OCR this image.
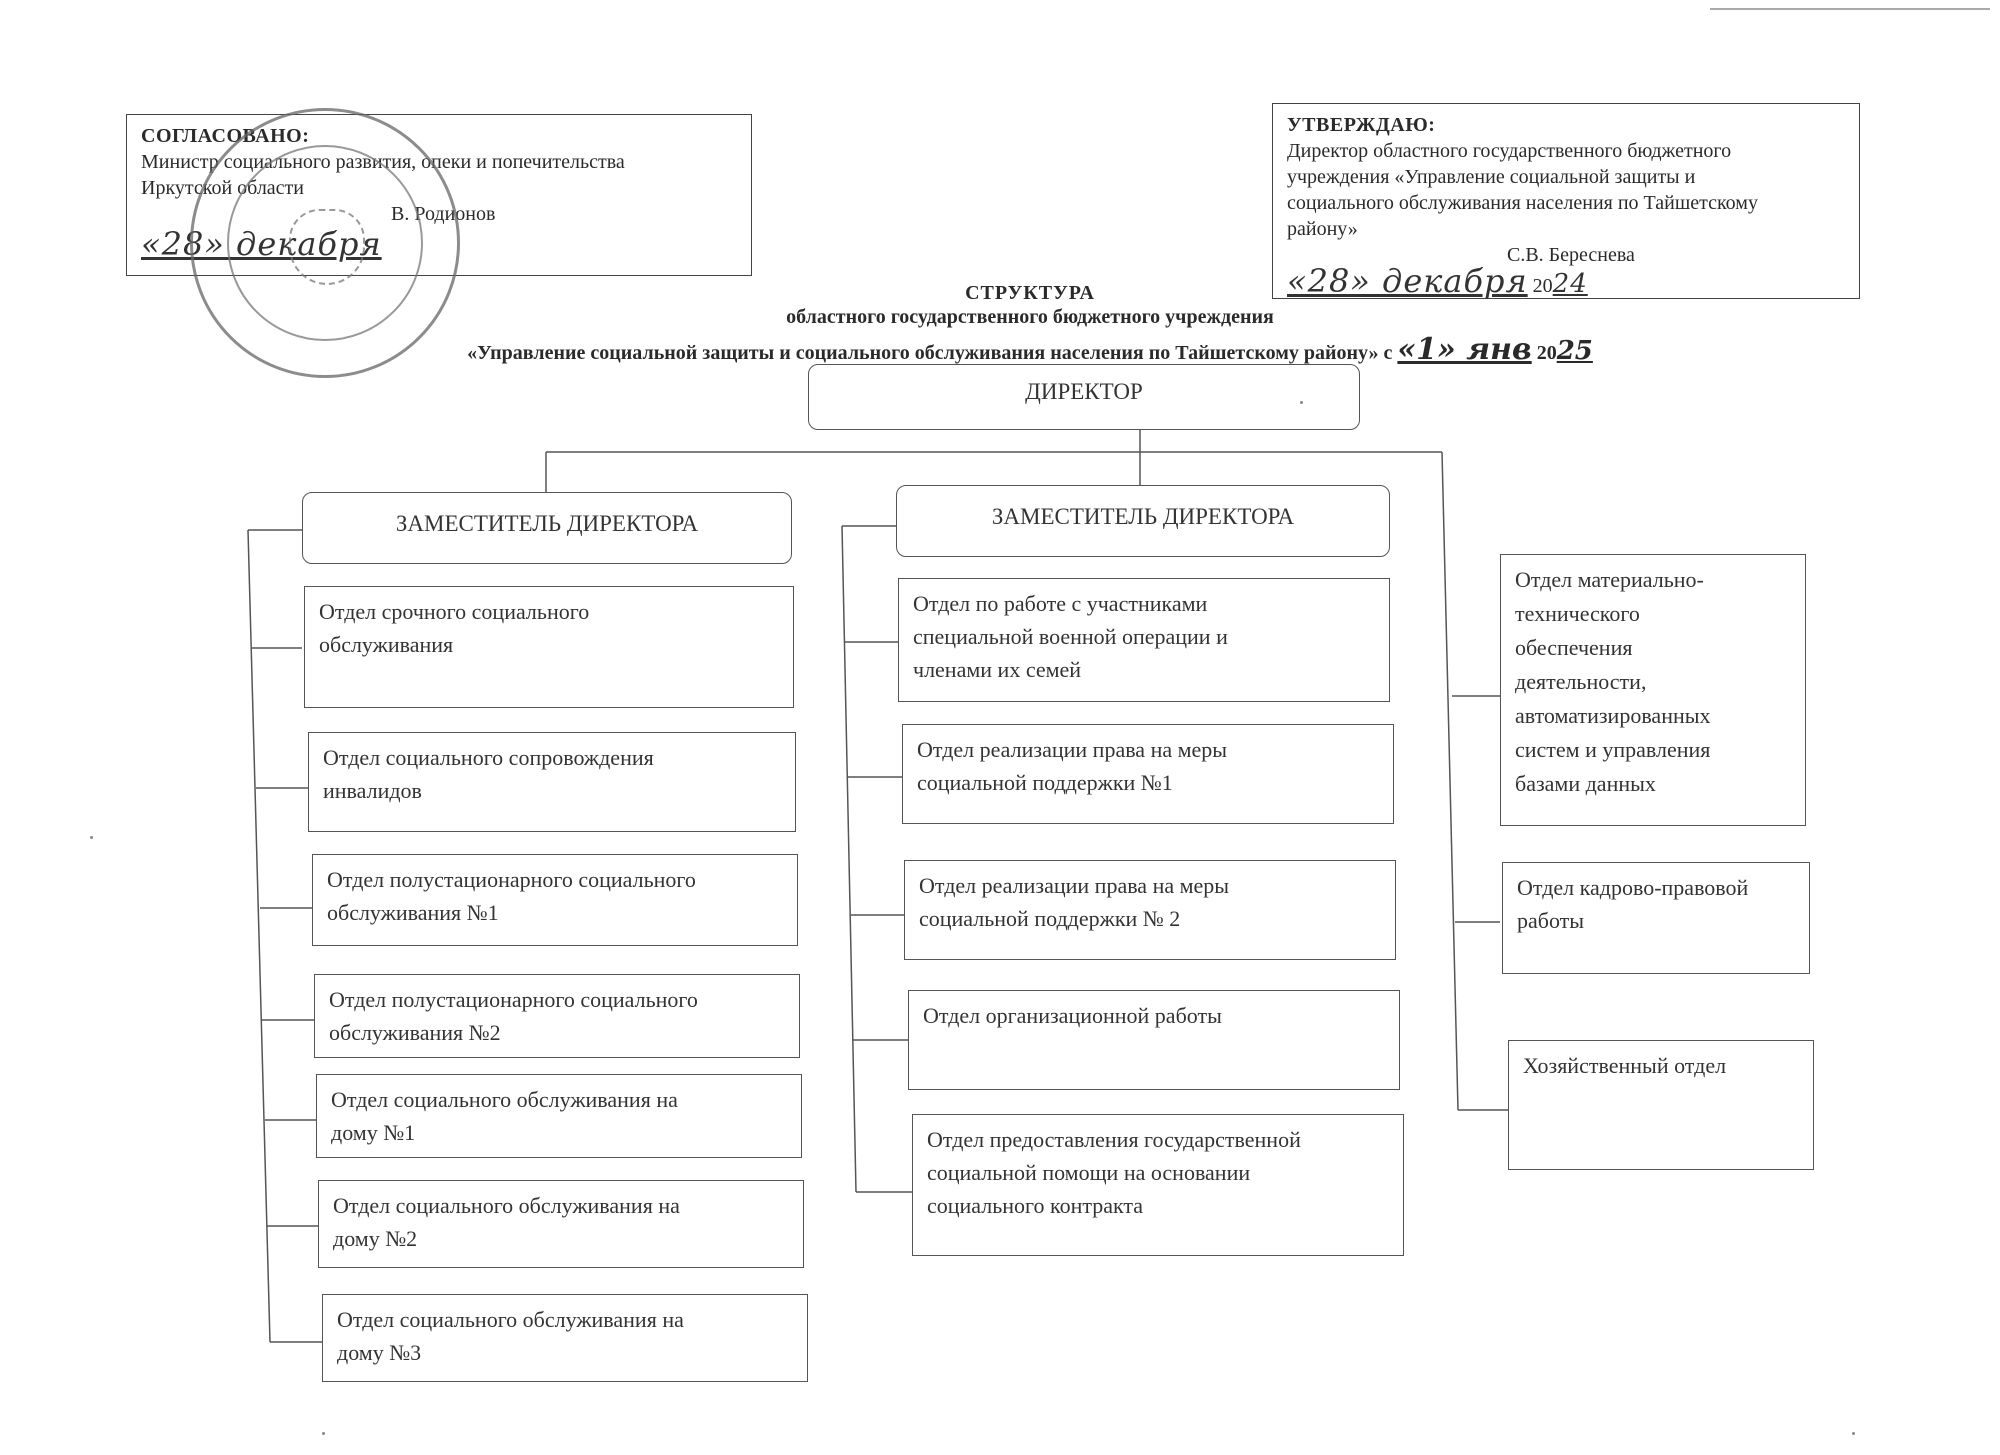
СОГЛАСОВАНО:
Министр социального развития, опеки и попечительства
Иркутской области
В. Родионов
«28» декабря
УТВЕРЖДАЮ:
Директор областного государственного бюджетного
учреждения «Управление социальной защиты и
социального обслуживания населения по Тайшетскому
району»
С.В. Береснева
«28» декабря 2024
СТРУКТУРА
областного государственного бюджетного учреждения
«Управление социальной защиты и социального обслуживания населения по Тайшетскому району» с «1» янв 2025
ДИРЕКТОР
ЗАМЕСТИТЕЛЬ ДИРЕКТОРА	ЗАМЕСТИТЕЛЬ ДИРЕКТОРА
Отдел срочного социального
обслуживания
Отдел социального сопровождения
инвалидов
Отдел полустационарного социального
обслуживания №1
Отдел полустационарного социального
обслуживания №2
Отдел социального обслуживания на
дому №1
Отдел социального обслуживания на
дому №2
Отдел социального обслуживания на
дому №3
Отдел по работе с участниками
специальной военной операции и
членами их семей
Отдел реализации права на меры
социальной поддержки №1
Отдел реализации права на меры
социальной поддержки № 2
Отдел организационной работы
Отдел предоставления государственной
социальной помощи на основании
социального контракта
Отдел материально-
технического
обеспечения
деятельности,
автоматизированных
систем и управления
базами данных
Отдел кадрово-правовой
работы
Хозяйственный отдел
